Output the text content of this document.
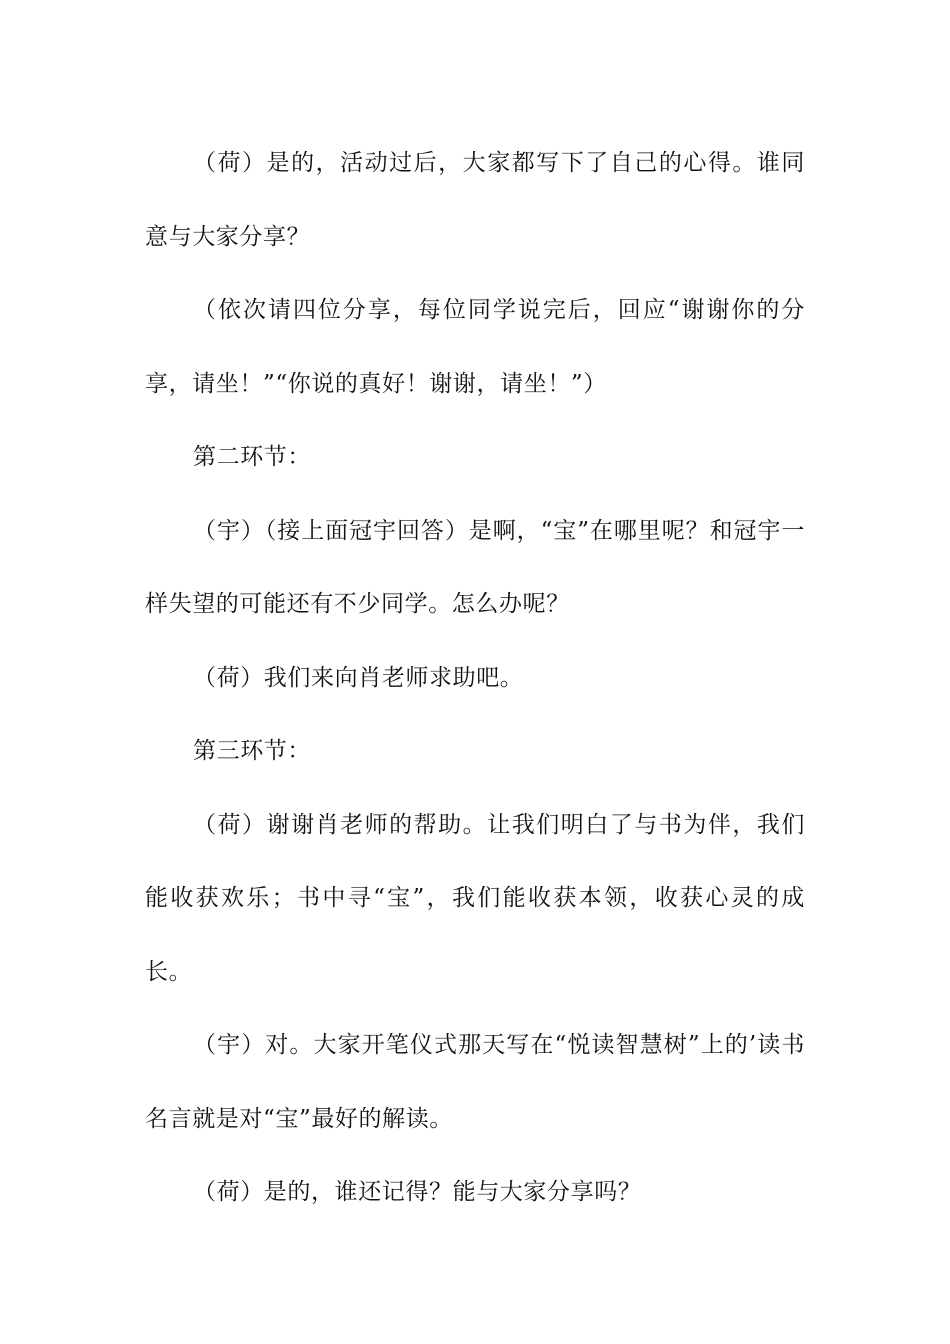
（荷）是的，活动过后，大家都写下了自己的心得。谁同意与大家分享？

（依次请四位分享，每位同学说完后，回应“谢谢你的分享，请坐！”“你说的真好！谢谢，请坐！”）

第二环节：

（宇）（接上面冠宇回答）是啊，“宝”在哪里呢？和冠宇一样失望的可能还有不少同学。怎么办呢？

（荷）我们来向肖老师求助吧。

第三环节：

（荷）谢谢肖老师的帮助。让我们明白了与书为伴，我们能收获欢乐；书中寻“宝”，我们能收获本领，收获心灵的成长。

（宇）对。大家开笔仪式那天写在“悦读智慧树”上的’读书名言就是对“宝”最好的解读。

（荷）是的，谁还记得？能与大家分享吗？
